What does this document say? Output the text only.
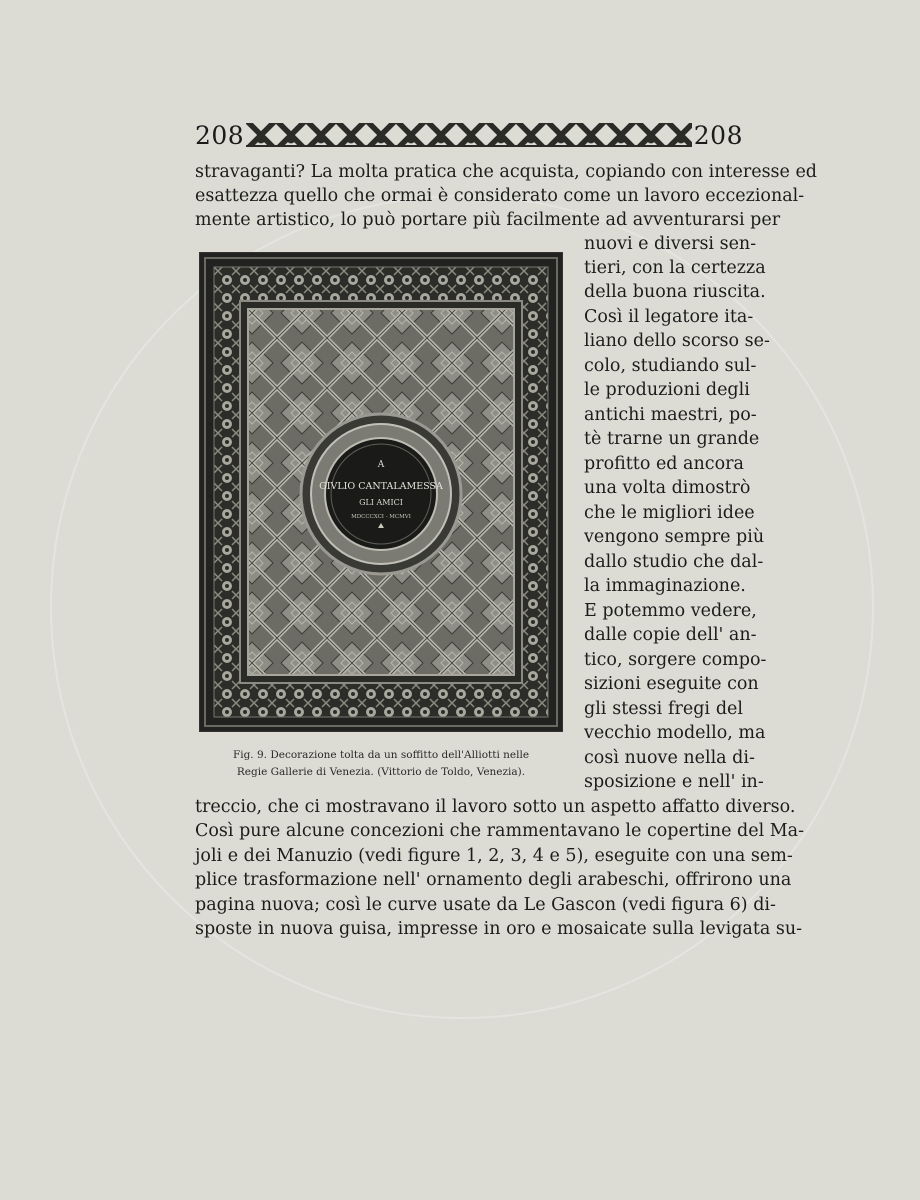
208	208
stravaganti? La molta pratica che acquista, copiando con interesse ed
esattezza quello che ormai è considerato come un lavoro eccezional-
mente artistico, lo può portare più facilmente ad avventurarsi per
nuovi e diversi sen-
tieri, con la certezza
della buona riuscita.
Così il legatore ita-
liano dello scorso se-
colo, studiando sul-
le produzioni degli
antichi maestri, po-
tè trarne un grande
profitto ed ancora
una volta dimostrò
che le migliori idee
vengono sempre più
dallo studio che dal-
la immaginazione.
E potemmo vedere,
dalle copie dell' an-
tico, sorgere compo-
sizioni eseguite con
gli stessi fregi del
vecchio modello, ma
così nuove nella di-
sposizione e nell' in-
treccio, che ci mostravano il lavoro sotto un aspetto affatto diverso.
Così pure alcune concezioni che rammentavano le copertine del Ma-
joli e dei Manuzio (vedi figure 1, 2, 3, 4 e 5), eseguite con una sem-
plice trasformazione nell' ornamento degli arabeschi, offrirono una
pagina nuova; così le curve usate da Le Gascon (vedi figura 6) di-
sposte in nuova guisa, impresse in oro e mosaicate sulla levigata su-
A
GIVLIO CANTALAMESSA
GLI AMICI
MDCCCXCI - MCMVI
Fig. 9. Decorazione tolta da un soffitto dell'Alliotti nelle
Regie Gallerie di Venezia. (Vittorio de Toldo, Venezia).
